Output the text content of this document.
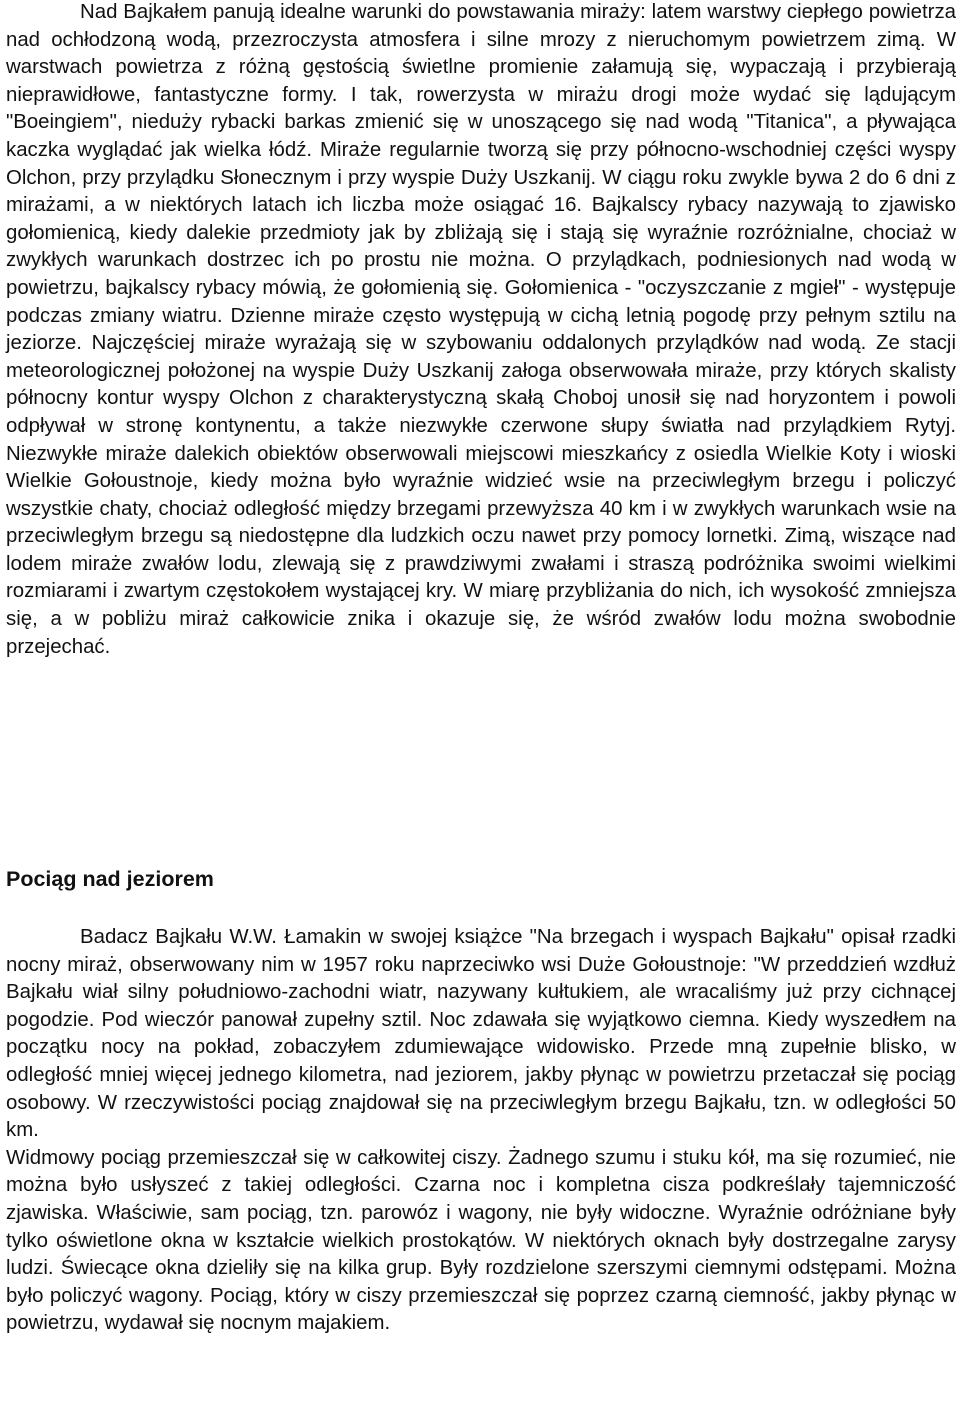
Nad Bajkałem panują idealne warunki do powstawania miraży: latem warstwy ciepłego powietrza nad ochłodzoną wodą, przezroczysta atmosfera i silne mrozy z nieruchomym powietrzem zimą. W warstwach powietrza z różną gęstością świetlne promienie załamują się, wypaczają i przybierają nieprawidłowe, fantastyczne formy. I tak, rowerzysta w mirażu drogi może wydać się lądującym "Boeingiem", nieduży rybacki barkas zmienić się w unoszącego się nad wodą "Titanica", a pływająca kaczka wyglądać jak wielka łódź. Miraże regularnie tworzą się przy północno-wschodniej części wyspy Olchon, przy przylądku Słonecznym i przy wyspie Duży Uszkanij. W ciągu roku zwykle bywa 2 do 6 dni z mirażami, a w niektórych latach ich liczba może osiągać 16. Bajkalscy rybacy nazywają to zjawisko gołomienicą, kiedy dalekie przedmioty jak by zbliżają się i stają się wyraźnie rozróżnialne, chociaż w zwykłych warunkach dostrzec ich po prostu nie można. O przylądkach, podniesionych nad wodą w powietrzu, bajkalscy rybacy mówią, że gołomienią się. Gołomienica - "oczyszczanie z mgieł" - występuje podczas zmiany wiatru. Dzienne miraże często występują w cichą letnią pogodę przy pełnym sztilu na jeziorze. Najczęściej miraże wyrażają się w szybowaniu oddalonych przylądków nad wodą. Ze stacji meteorologicznej położonej na wyspie Duży Uszkanij załoga obserwowała miraże, przy których skalisty północny kontur wyspy Olchon z charakterystyczną skałą Choboj unosił się nad horyzontem i powoli odpływał w stronę kontynentu, a także niezwykłe czerwone słupy światła nad przylądkiem Rytyj. Niezwykłe miraże dalekich obiektów obserwowali miejscowi mieszkańcy z osiedla Wielkie Koty i wioski Wielkie Gołoustnoje, kiedy można było wyraźnie widzieć wsie na przeciwległym brzegu i policzyć wszystkie chaty, chociaż odległość między brzegami przewyższa 40 km i w zwykłych warunkach wsie na przeciwległym brzegu są niedostępne dla ludzkich oczu nawet przy pomocy lornetki. Zimą, wiszące nad lodem miraże zwałów lodu, zlewają się z prawdziwymi zwałami i straszą podróżnika swoimi wielkimi rozmiarami i zwartym częstokołem wystającej kry. W miarę przybliżania do nich, ich wysokość zmniejsza się, a w pobliżu miraż całkowicie znika i okazuje się, że wśród zwałów lodu można swobodnie przejechać.

Pociąg nad jeziorem

Badacz Bajkału W.W. Łamakin w swojej książce "Na brzegach i wyspach Bajkału" opisał rzadki nocny miraż, obserwowany nim w 1957 roku naprzeciwko wsi Duże Gołoustnoje: "W przeddzień wzdłuż Bajkału wiał silny południowo-zachodni wiatr, nazywany kułtukiem, ale wracaliśmy już przy cichnącej pogodzie. Pod wieczór panował zupełny sztil. Noc zdawała się wyjątkowo ciemna. Kiedy wyszedłem na początku nocy na pokład, zobaczyłem zdumiewające widowisko. Przede mną zupełnie blisko, w odległość mniej więcej jednego kilometra, nad jeziorem, jakby płynąc w powietrzu przetaczał się pociąg osobowy. W rzeczywistości pociąg znajdował się na przeciwległym brzegu Bajkału, tzn. w odległości 50 km.

Widmowy pociąg przemieszczał się w całkowitej ciszy. Żadnego szumu i stuku kół, ma się rozumieć, nie można było usłyszeć z takiej odległości. Czarna noc i kompletna cisza podkreślały tajemniczość zjawiska. Właściwie, sam pociąg, tzn. parowóz i wagony, nie były widoczne. Wyraźnie odróżniane były tylko oświetlone okna w kształcie wielkich prostokątów. W niektórych oknach były dostrzegalne zarysy ludzi. Świecące okna dzieliły się na kilka grup. Były rozdzielone szerszymi ciemnymi odstępami. Można było policzyć wagony. Pociąg, który w ciszy przemieszczał się poprzez czarną ciemność, jakby płynąc w powietrzu, wydawał się nocnym majakiem.
